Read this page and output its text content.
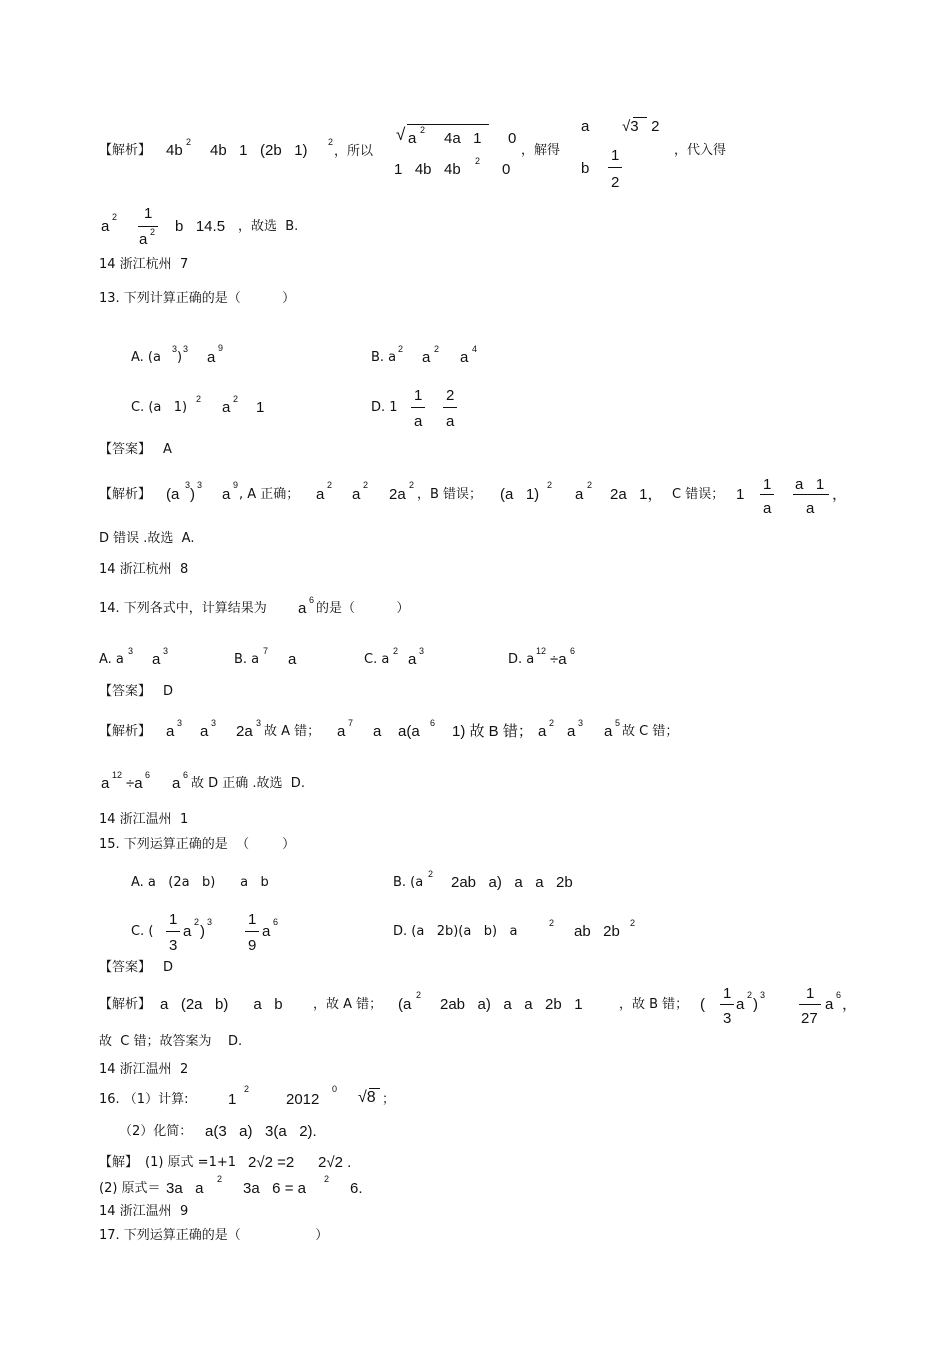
【解析】 4b 2 4b   1   (2b   1) 2
，所以
√ a 2 4a   1 0
1   4b   4b 2 0
，解得
a √3   2
b
1
2
，代入得
a
2 1
a 2 b   14.5 ，故选  B.
14 浙江杭州  7
13. 下列计算正确的是（          ）
A. (a
3
)
3 a
9
B. a
2 a 2 a 4
C. (a   1)
2 a 2 1	D. 1
1
a
2
a
【答案】 A
【解析】 (a
3
)
3
a
9
, A 正确； a
2
a
2
2a
2
，B 错误； (a   1)
2
a
2
2a   1， C 错误； 1
1
a
a   1
a
，
D 错误 .故选  A.
14 浙江杭州  8
14. 下列各式中，计算结果为 a 6
的是（          ）
A. a
3 a 3
B. a
7 a	C. a
2 a 3
D. a
12 ÷a 6
【答案】 D
【解析】 a 3 a 3 2a 3
故 A 错； a 7 a    a(a 6 1) 故 B 错； a 2 a 3 a 5
故 C 错；
a 12 ÷a 6 a 6
故 D 正确 .故选  D.
14 浙江温州  1
15. 下列运算正确的是  （        ）
A. a   (2a   b)      a   b	B. (a
2 2ab   a)   a   a   2b
C. (
1
3
a
2
)
3 1
9
a
6
D. (a   2b)(a   b)   a
2 ab   2b 2
【答案】 D
【解析】 a   (2a   b)      a   b ，故 A 错； (a
2
2ab   a)   a   a   2b   1	，故 B 错； (
1
3
a
2
)
3	1
27
a
6
，
故  C 错；故答案为    D.
14 浙江温州  2
16. （1）计算:	1
2
2012
0 √8 ；
（2）化简： a(3   a)   3(a   2).
【解】 (1) 原式 =1+1 2√2 =2 2√2 .
(2) 原式＝ 3a   a
2
3a   6 = a
2
6.
14 浙江温州  9
17. 下列运算正确的是（                  ）
